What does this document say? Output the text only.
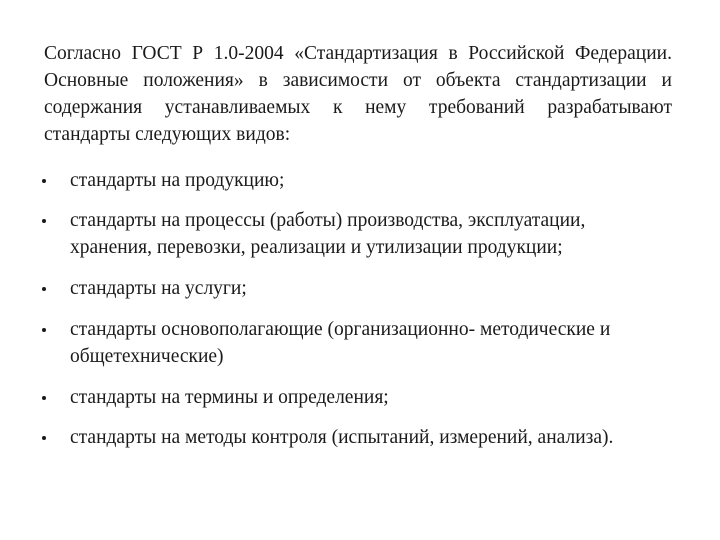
Согласно ГОСТ Р 1.0-2004 «Стандартизация в Российской Федерации. Основные положения» в зависимости от объекта стандартизации и содержания устанавливаемых к нему требований разрабатывают стандарты следующих видов:

стандарты на продукцию;
стандарты на процессы (работы) производства, эксплуатации, хранения, перевозки, реализации и утилизации продукции;
стандарты на услуги;
стандарты основополагающие (организационно- методические и общетехнические)
стандарты на термины и определения;
стандарты на методы контроля (испытаний, измерений, анализа).
